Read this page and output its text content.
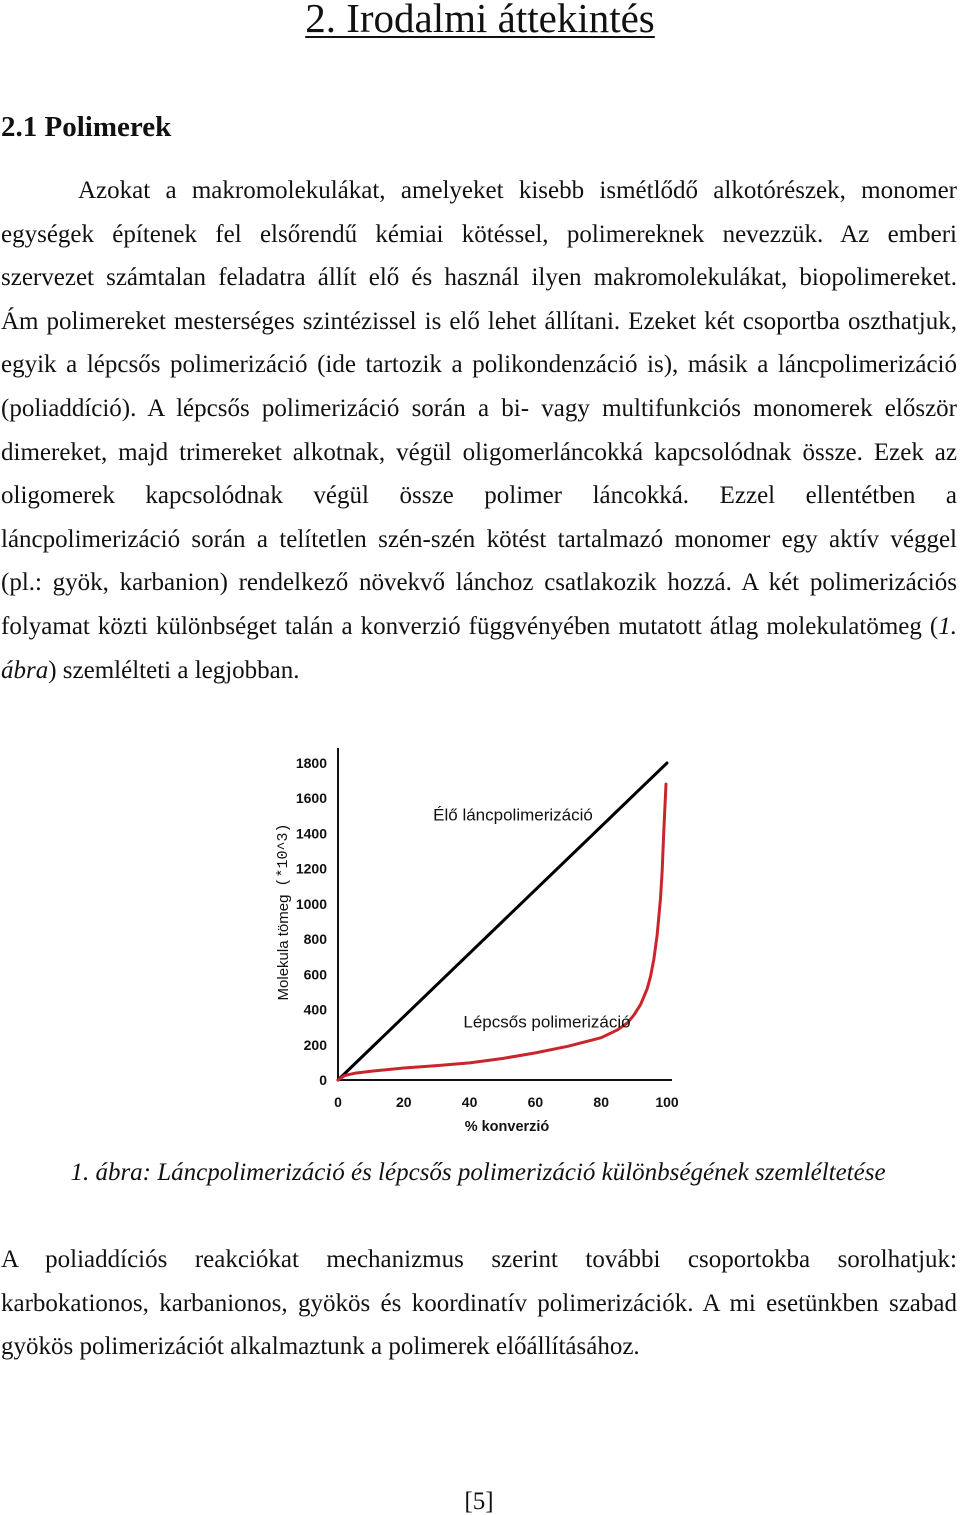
2. Irodalmi áttekintés
2.1 Polimerek
Azokat a makromolekulákat, amelyeket kisebb ismétlődő alkotórészek, monomer
egységek építenek fel elsőrendű kémiai kötéssel, polimereknek nevezzük. Az emberi
szervezet számtalan feladatra állít elő és használ ilyen makromolekulákat, biopolimereket.
Ám polimereket mesterséges szintézissel is elő lehet állítani. Ezeket két csoportba oszthatjuk,
egyik a lépcsős polimerizáció (ide tartozik a polikondenzáció is), másik a láncpolimerizáció
(poliaddíció). A lépcsős polimerizáció során a bi- vagy multifunkciós monomerek először
dimereket, majd trimereket alkotnak, végül oligomerláncokká kapcsolódnak össze. Ezek az
oligomerek kapcsolódnak végül össze polimer láncokká. Ezzel ellentétben a
láncpolimerizáció során a telítetlen szén-szén kötést tartalmazó monomer egy aktív véggel
(pl.: gyök, karbanion) rendelkező növekvő lánchoz csatlakozik hozzá. A két polimerizációs
folyamat közti különbséget talán a konverzió függvényében mutatott átlag molekulatömeg (1.
ábra) szemlélteti a legjobban.
1800
1600
1400
1200
1000
800
600
400
200
0
0	20	40	60	80	100
Élő láncpolimerizáció
Lépcsős polimerizáció
% konverzió
Molekula tömeg(*10^3)
1. ábra: Láncpolimerizáció és lépcsős polimerizáció különbségének szemléltetése
A poliaddíciós reakciókat mechanizmus szerint további csoportokba sorolhatjuk:
karbokationos, karbanionos, gyökös és koordinatív polimerizációk. A mi esetünkben szabad
gyökös polimerizációt alkalmaztunk a polimerek előállításához.
[5]
